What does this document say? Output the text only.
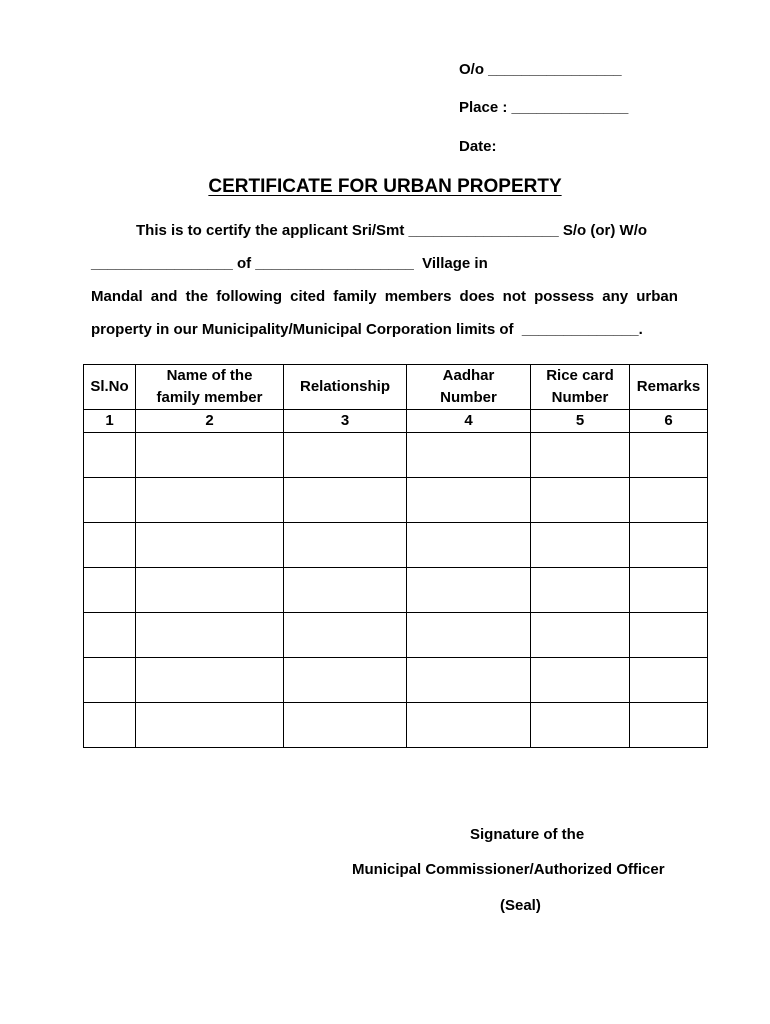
O/o ________________
Place : ______________
Date:
CERTIFICATE FOR URBAN PROPERTY
This is to certify the applicant Sri/Smt __________________ S/o (or) W/o
_________________ of ___________________  Village in
Mandal and the following cited family members does not possess any urban
property in our Municipality/Municipal Corporation limits of  ______________.
Sl.No	Name of the family member	Relationship	Aadhar Number	Rice card Number	Remarks
1	2	3	4	5	6

Signature of the
Municipal Commissioner/Authorized Officer
(Seal)
